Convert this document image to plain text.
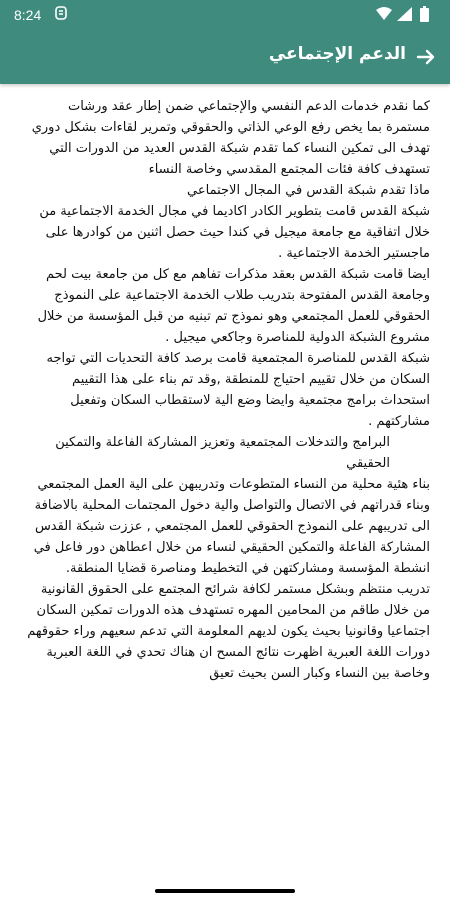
8:24
الدعم الإجتماعي

كما نقدم خدمات الدعم النفسي والإجتماعي ضمن إطار عقد ورشات مستمرة بما يخص رفع الوعي الذاتي والحقوقي وتمرير لقاءات بشكل دوري تهدف الى تمكين النساء كما تقدم شبكة القدس العديد من الدورات التي تستهدف كافة فئات المجتمع المقدسي وخاصة النساء

ماذا تقدم شبكة القدس في المجال الاجتماعي

شبكة القدس قامت بتطوير الكادر اكاديما في مجال الخدمة الاجتماعية من خلال اتفاقية مع جامعة ميجيل في كندا حيث حصل اثنين من كوادرها على ماجستير الخدمة الاجتماعية .

ايضا قامت شبكة القدس بعقد مذكرات تفاهم مع كل من جامعة بيت لحم وجامعة القدس المفتوحة بتدريب طلاب الخدمة الاجتماعية على النموذج الحقوقي للعمل المجتمعي وهو نموذج تم تبنيه من قبل المؤسسة من خلال مشروع الشبكة الدولية للمناصرة وجاكعي ميجيل .

شبكة القدس للمناصرة المجتمعية قامت برصد كافة التحديات التي تواجه السكان من خلال تقييم احتياج للمنطقة ,وقد تم بناء على هذا التقييم استحداث برامج مجتمعية وايضا وضع الية لاستقطاب السكان وتفعيل مشاركتهم .

البرامج والتدخلات المجتمعية وتعزيز المشاركة الفاعلة والتمكين الحقيقي

بناء هئية محلية من النساء المتطوعات وتدريبهن على الية العمل المجتمعي وبناء قدراتهم في الاتصال والتواصل والية دخول المجتمات المحلية بالاضافة الى تدريبهم على النموذج الحقوقي للعمل المجتمعي , عززت شبكة القدس المشاركة الفاعلة والتمكين الحقيقي لنساء من خلال اعطاهن دور فاعل في انشطة المؤسسة ومشاركتهن في التخطيط ومناصرة قضايا المنطقة.

تدريب منتظم وبشكل مستمر لكافة شرائح المجتمع على الحقوق القانونية من خلال طاقم من المحامين المهره تستهدف هذه الدورات تمكين السكان اجتماعيا وقانونيا بحيث يكون لديهم المعلومة التي تدعم سعيهم وراء حقوقهم

دورات اللغة العبرية اظهرت نتائج المسح ان هناك تحدي في اللغة العبرية وخاصة بين النساء وكبار السن بحيث تعيق
